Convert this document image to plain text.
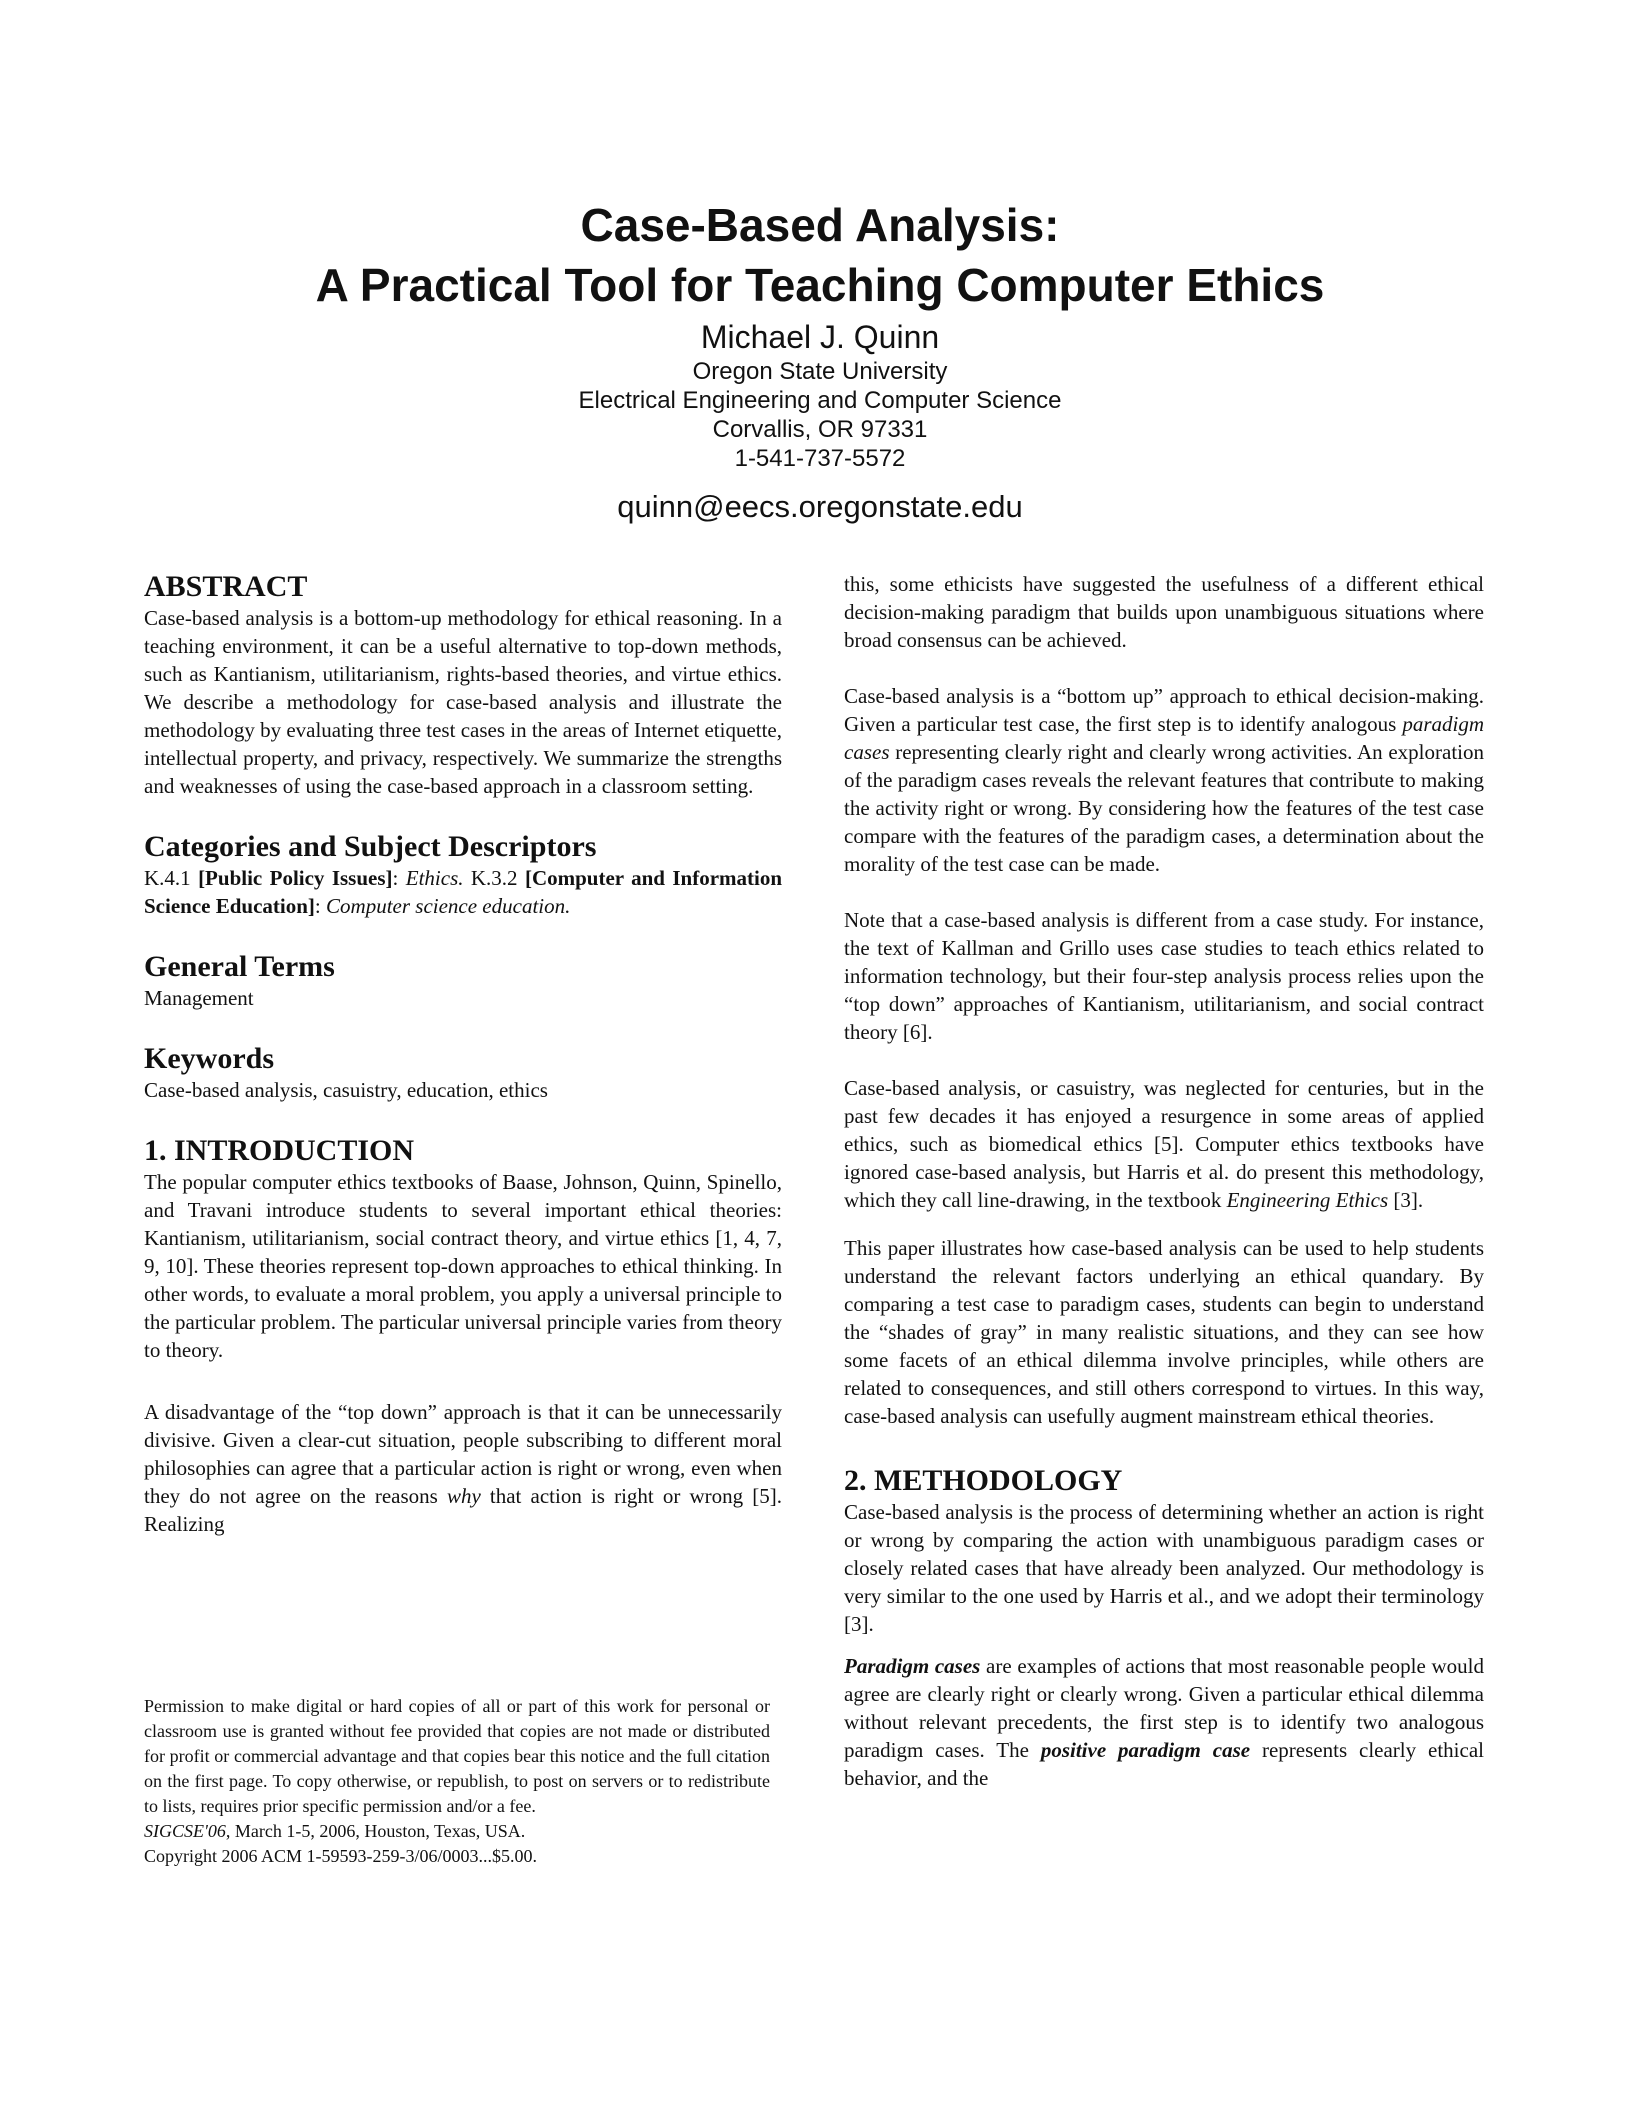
Case-Based Analysis:
A Practical Tool for Teaching Computer Ethics
Michael J. Quinn
Oregon State University
Electrical Engineering and Computer Science
Corvallis, OR 97331
1-541-737-5572
quinn@eecs.oregonstate.edu
ABSTRACT

Case-based analysis is a bottom-up methodology for ethical reasoning. In a teaching environment, it can be a useful alternative to top-down methods, such as Kantianism, utilitarianism, rights-based theories, and virtue ethics. We describe a methodology for case-based analysis and illustrate the methodology by evaluating three test cases in the areas of Internet etiquette, intellectual property, and privacy, respectively. We summarize the strengths and weaknesses of using the case-based approach in a classroom setting.

Categories and Subject Descriptors

K.4.1 [Public Policy Issues]: Ethics. K.3.2 [Computer and Information Science Education]: Computer science education.

General Terms

Management

Keywords

Case-based analysis, casuistry, education, ethics

1. INTRODUCTION

The popular computer ethics textbooks of Baase, Johnson, Quinn, Spinello, and Travani introduce students to several important ethical theories: Kantianism, utilitarianism, social contract theory, and virtue ethics [1, 4, 7, 9, 10]. These theories represent top-down approaches to ethical thinking. In other words, to evaluate a moral problem, you apply a universal principle to the particular problem. The particular universal principle varies from theory to theory.

A disadvantage of the “top down” approach is that it can be unnecessarily divisive. Given a clear-cut situation, people subscribing to different moral philosophies can agree that a particular action is right or wrong, even when they do not agree on the reasons why that action is right or wrong [5]. Realizing

Permission to make digital or hard copies of all or part of this work for personal or classroom use is granted without fee provided that copies are not made or distributed for profit or commercial advantage and that copies bear this notice and the full citation on the first page. To copy otherwise, or republish, to post on servers or to redistribute to lists, requires prior specific permission and/or a fee.

SIGCSE'06, March 1-5, 2006, Houston, Texas, USA.

Copyright 2006 ACM 1-59593-259-3/06/0003...$5.00.

this, some ethicists have suggested the usefulness of a different ethical decision-making paradigm that builds upon unambiguous situations where broad consensus can be achieved.

Case-based analysis is a “bottom up” approach to ethical decision-making. Given a particular test case, the first step is to identify analogous paradigm cases representing clearly right and clearly wrong activities. An exploration of the paradigm cases reveals the relevant features that contribute to making the activity right or wrong. By considering how the features of the test case compare with the features of the paradigm cases, a determination about the morality of the test case can be made.

Note that a case-based analysis is different from a case study. For instance, the text of Kallman and Grillo uses case studies to teach ethics related to information technology, but their four-step analysis process relies upon the “top down” approaches of Kantianism, utilitarianism, and social contract theory [6].

Case-based analysis, or casuistry, was neglected for centuries, but in the past few decades it has enjoyed a resurgence in some areas of applied ethics, such as biomedical ethics [5]. Computer ethics textbooks have ignored case-based analysis, but Harris et al. do present this methodology, which they call line-drawing, in the textbook Engineering Ethics [3].

This paper illustrates how case-based analysis can be used to help students understand the relevant factors underlying an ethical quandary. By comparing a test case to paradigm cases, students can begin to understand the “shades of gray” in many realistic situations, and they can see how some facets of an ethical dilemma involve principles, while others are related to consequences, and still others correspond to virtues. In this way, case-based analysis can usefully augment mainstream ethical theories.

2. METHODOLOGY

Case-based analysis is the process of determining whether an action is right or wrong by comparing the action with unambiguous paradigm cases or closely related cases that have already been analyzed. Our methodology is very similar to the one used by Harris et al., and we adopt their terminology [3].

Paradigm cases are examples of actions that most reasonable people would agree are clearly right or clearly wrong. Given a particular ethical dilemma without relevant precedents, the first step is to identify two analogous paradigm cases. The positive paradigm case represents clearly ethical behavior, and the
